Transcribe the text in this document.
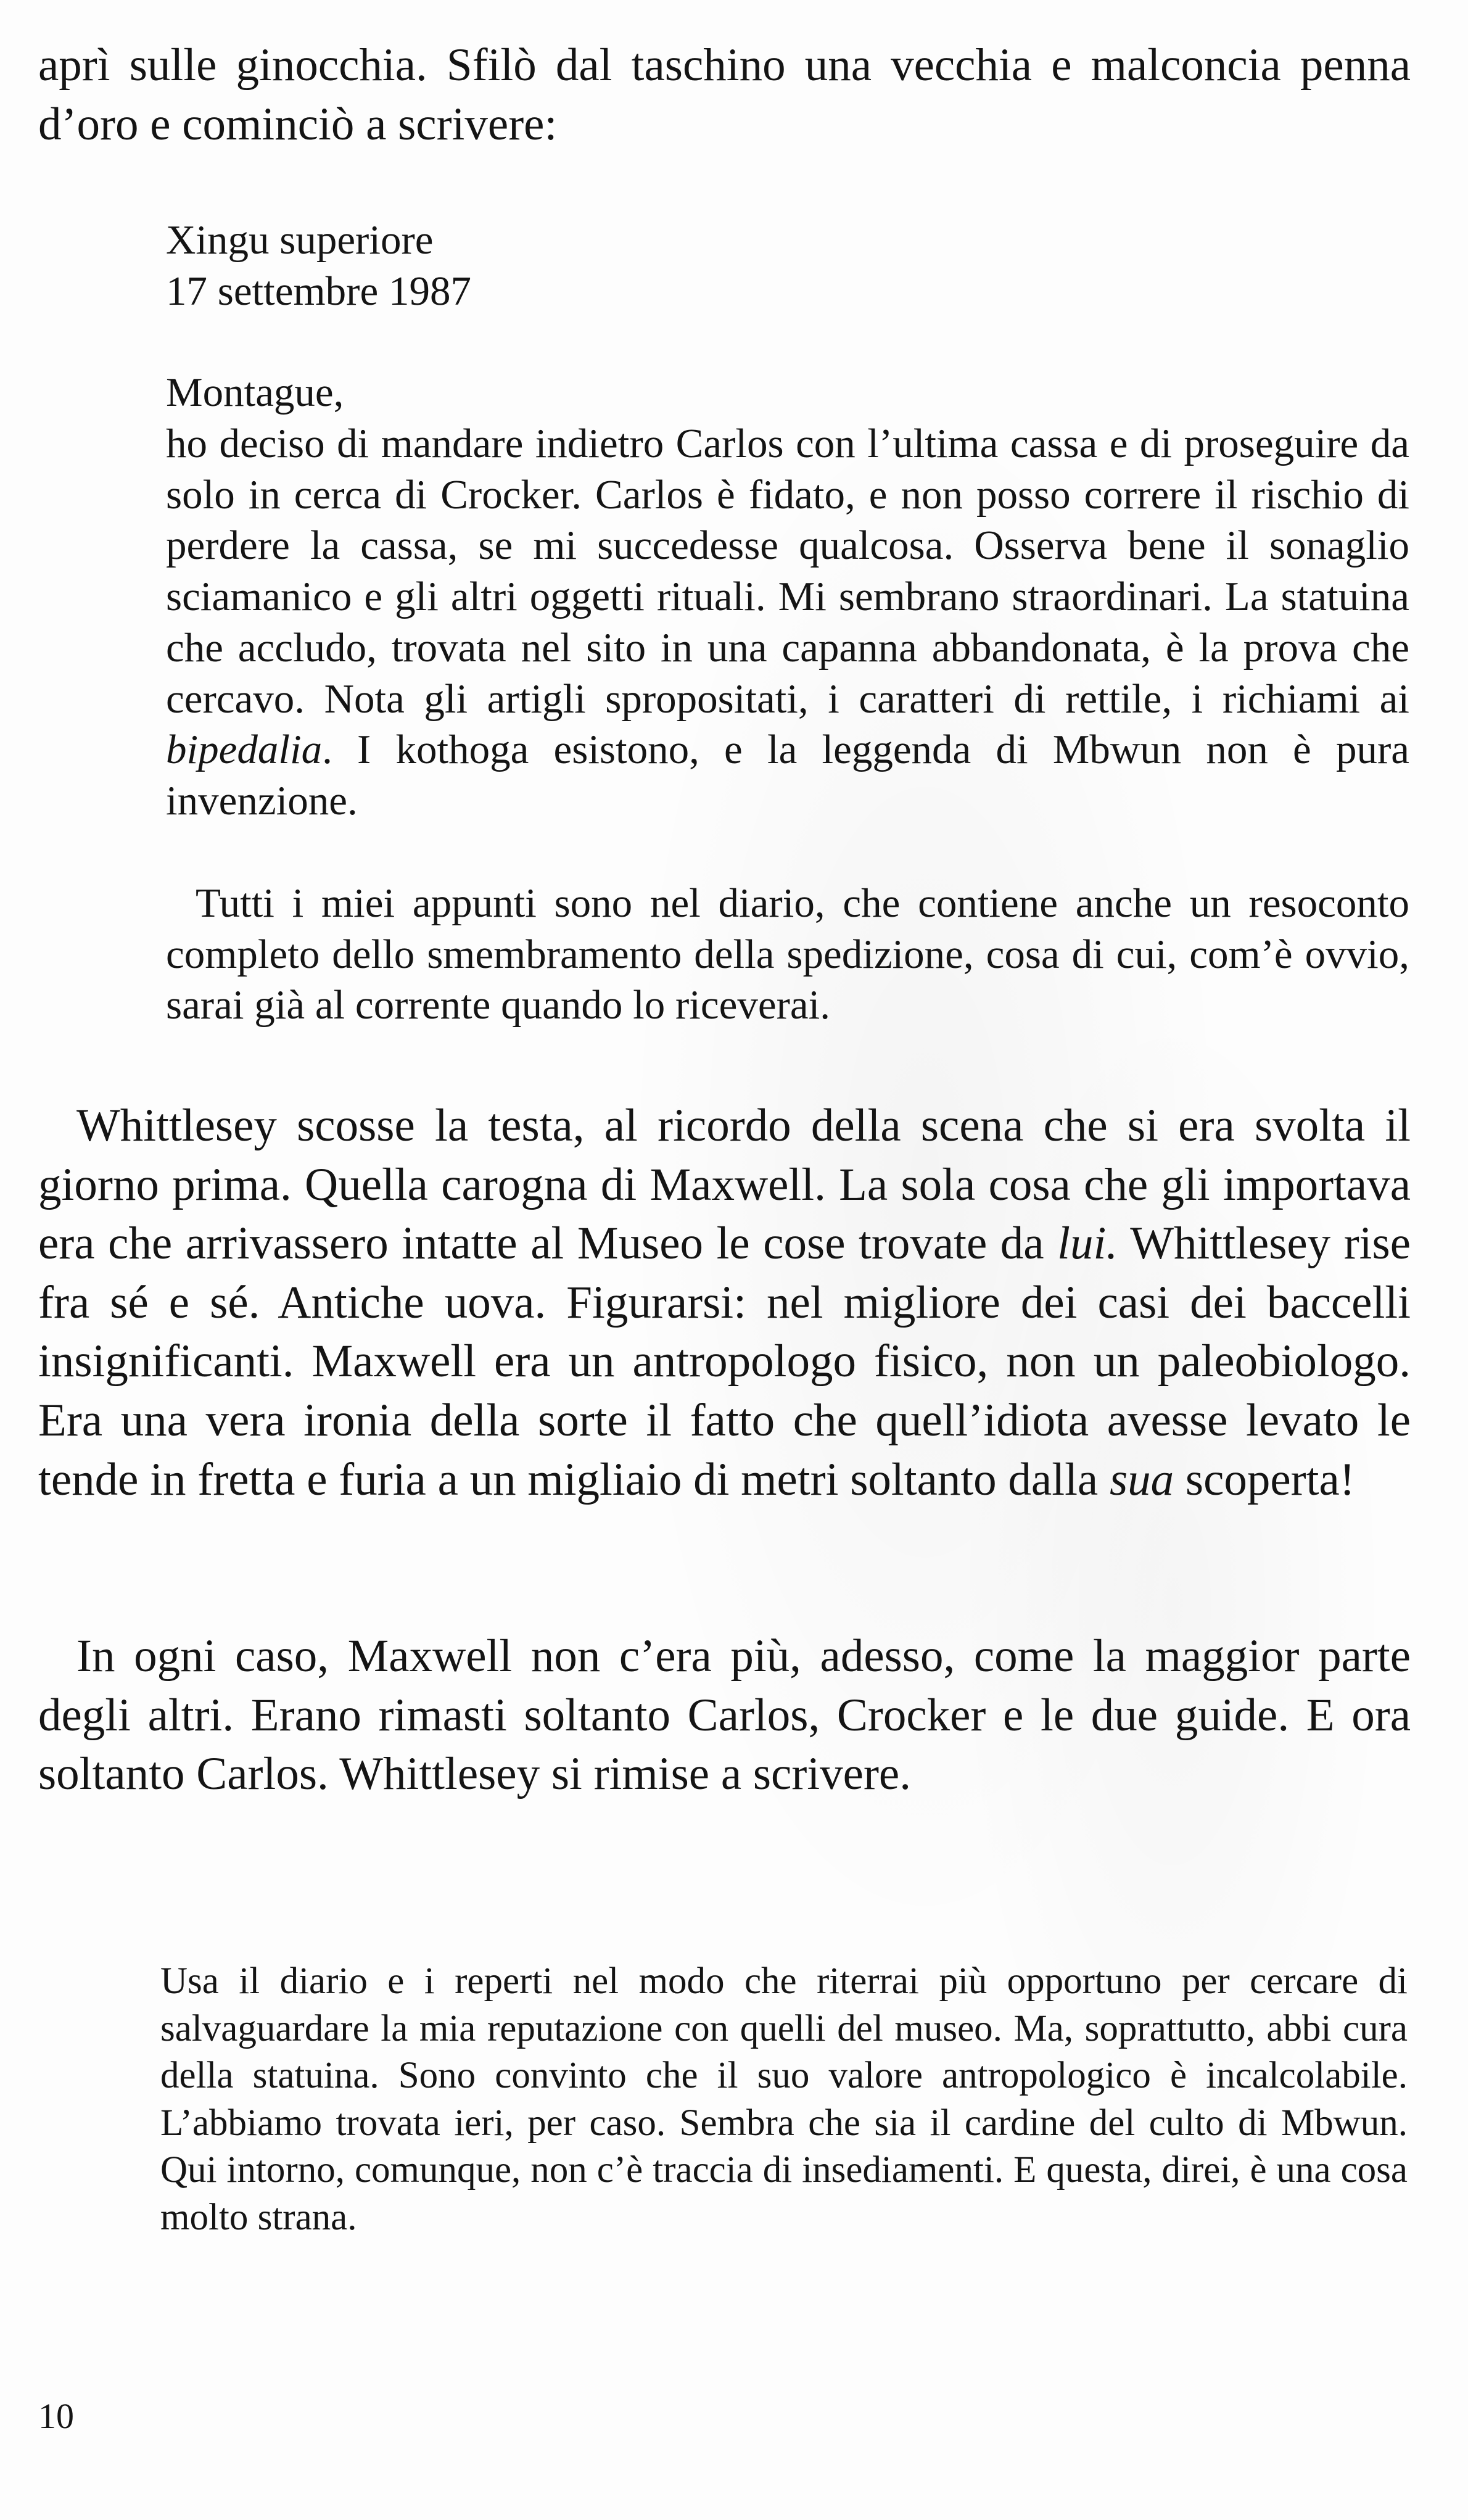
aprì sulle ginocchia. Sfilò dal taschino una vecchia e malconcia penna d’oro e cominciò a scrivere:

Xingu superiore
17 settembre 1987

Montague,

ho deciso di mandare indietro Carlos con l’ultima cassa e di proseguire da solo in cerca di Crocker. Carlos è fidato, e non posso correre il rischio di perdere la cassa, se mi succedesse qualcosa. Osserva bene il sonaglio sciamanico e gli altri oggetti rituali. Mi sembrano straordinari. La statuina che accludo, trovata nel sito in una capanna abbandonata, è la prova che cercavo. Nota gli artigli spropositati, i caratteri di rettile, i richiami ai bipedalia. I kothoga esistono, e la leggenda di Mbwun non è pura invenzione.

Tutti i miei appunti sono nel diario, che contiene anche un resoconto completo dello smembramento della spedizione, cosa di cui, com’è ovvio, sarai già al corrente quando lo riceverai.

Whittlesey scosse la testa, al ricordo della scena che si era svolta il giorno prima. Quella carogna di Maxwell. La sola cosa che gli importava era che arrivassero intatte al Museo le cose trovate da lui. Whittlesey rise fra sé e sé. Antiche uova. Figurarsi: nel migliore dei casi dei baccelli insignificanti. Maxwell era un antropologo fisico, non un paleobiologo. Era una vera ironia della sorte il fatto che quell’idiota avesse levato le tende in fretta e furia a un migliaio di metri soltanto dalla sua scoperta!

In ogni caso, Maxwell non c’era più, adesso, come la maggior parte degli altri. Erano rimasti soltanto Carlos, Crocker e le due guide. E ora soltanto Carlos. Whittlesey si rimise a scrivere.

Usa il diario e i reperti nel modo che riterrai più opportuno per cercare di salvaguardare la mia reputazione con quelli del museo. Ma, soprattutto, abbi cura della statuina. Sono convinto che il suo valore antropologico è incalcolabile. L’abbiamo trovata ieri, per caso. Sembra che sia il cardine del culto di Mbwun. Qui intorno, comunque, non c’è traccia di insediamenti. E questa, direi, è una cosa molto strana.

10
